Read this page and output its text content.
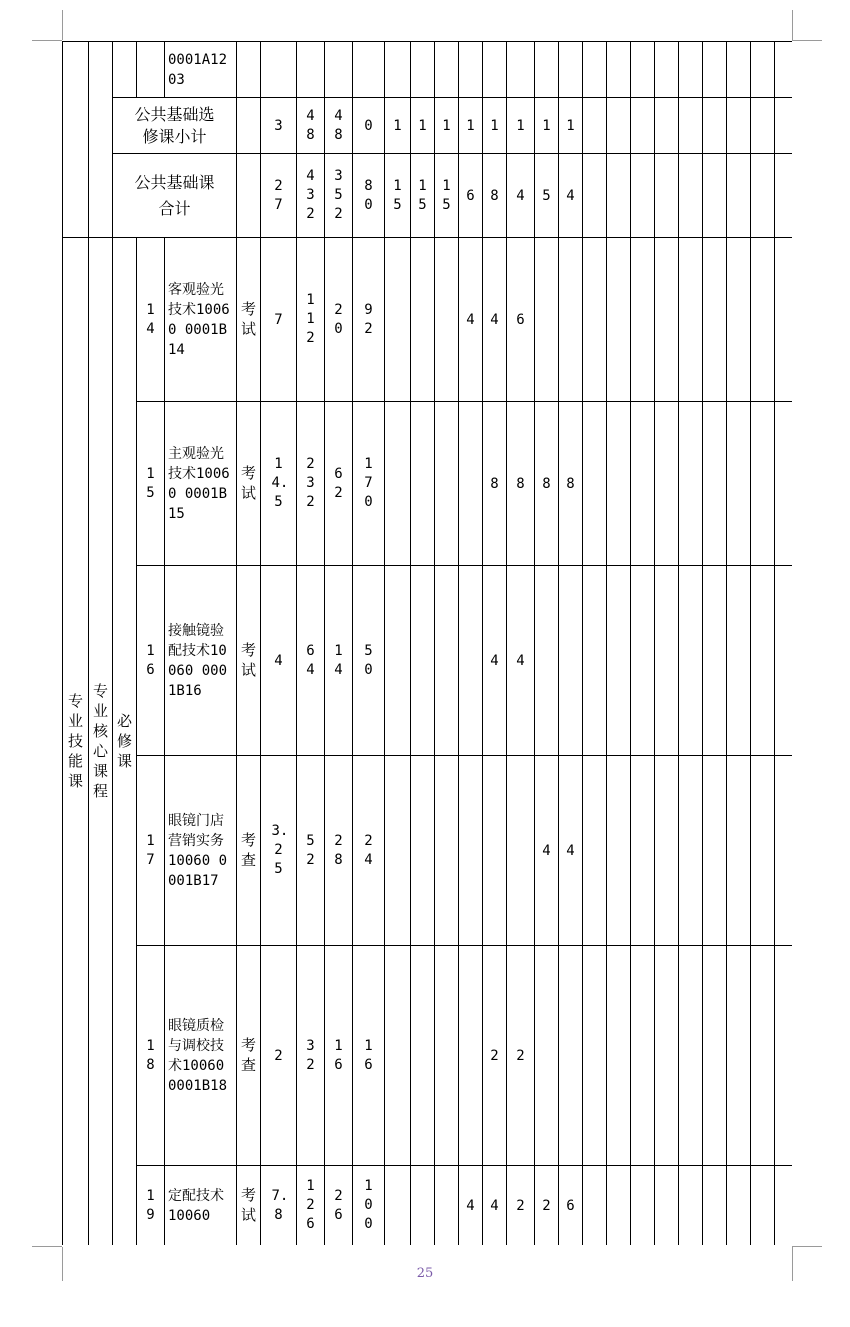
				0001A1203																						

		公共基础选修课小计				3	48	48	0	1	1	1	1	1	1	1	1									
		公共基础课合计				27	432	352	80	15	15	15	6	8	4	5	4									
专业技能课	专业核心课程	必修课	14	客观验光技术10060 0001B14	考试	7	112	20	92				4	4	6											
			15	主观验光技术10060 0001B15	考试	14.5	232	62	170					8	8	8	8									
			16	接触镜验配技术10060 0001B16	考试	4	64	14	50					4	4											
			17	眼镜门店营销实务10060 0001B17	考查	3.25	52	28	24							4	4									
			18	眼镜质检与调校技术10060 0001B18	考查	2	32	16	16					2	2											
			19	定配技术10060	考试	7.8	126	26	100				4	4	2	2	6									
25
